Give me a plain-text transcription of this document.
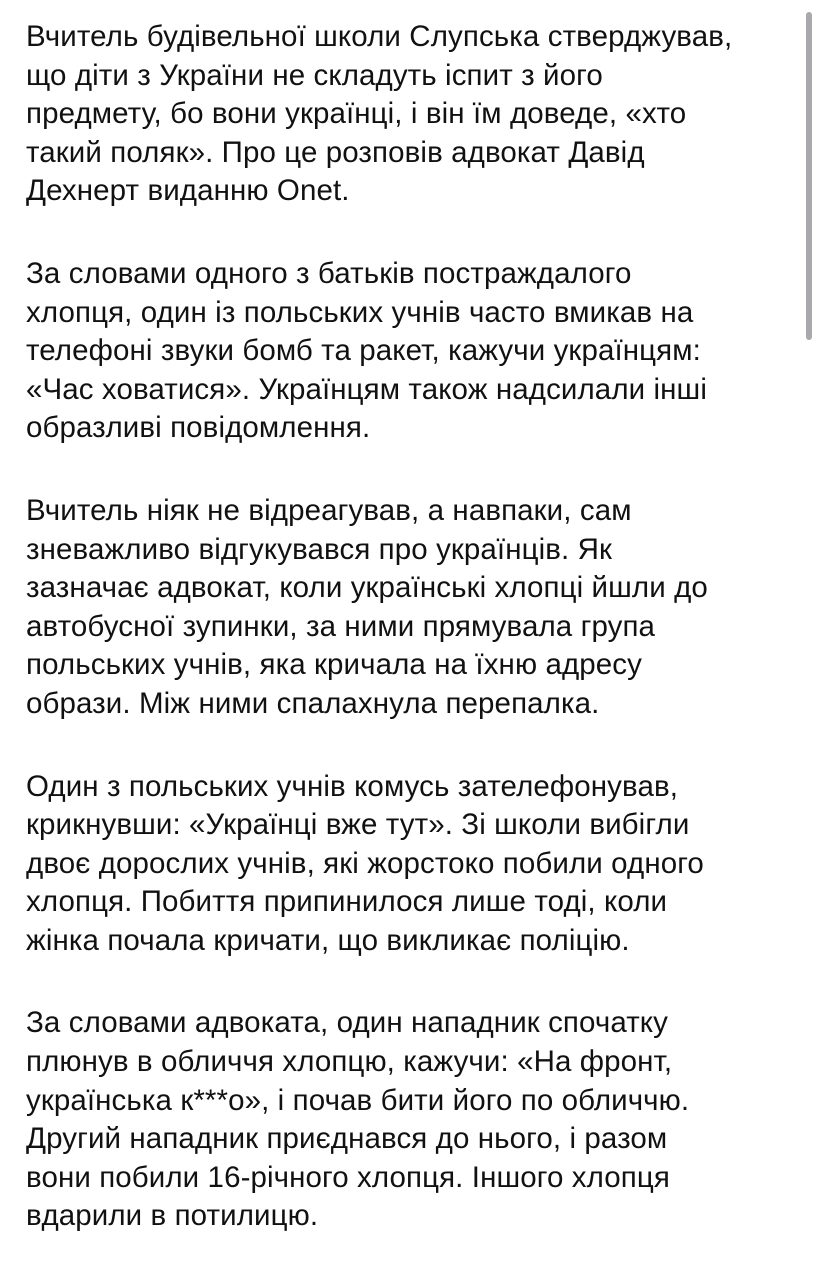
Вчитель будівельної школи Слупська стверджував,
що діти з України не складуть іспит з його
предмету, бо вони українці, і він їм доведе, «хто
такий поляк». Про це розповів адвокат Давід
Дехнерт виданню Onet.

За словами одного з батьків постраждалого
хлопця, один із польських учнів часто вмикав на
телефоні звуки бомб та ракет, кажучи українцям:
«Час ховатися». Українцям також надсилали інші
образливі повідомлення.

Вчитель ніяк не відреагував, а навпаки, сам
зневажливо відгукувався про українців. Як
зазначає адвокат, коли українські хлопці йшли до
автобусної зупинки, за ними прямувала група
польських учнів, яка кричала на їхню адресу
образи. Між ними спалахнула перепалка.

Один з польських учнів комусь зателефонував,
крикнувши: «Українці вже тут». Зі школи вибігли
двоє дорослих учнів, які жорстоко побили одного
хлопця. Побиття припинилося лише тоді, коли
жінка почала кричати, що викликає поліцію.

За словами адвоката, один нападник спочатку
плюнув в обличчя хлопцю, кажучи: «На фронт,
українська к***о», і почав бити його по обличчю.
Другий нападник приєднався до нього, і разом
вони побили 16-річного хлопця. Іншого хлопця
вдарили в потилицю.
